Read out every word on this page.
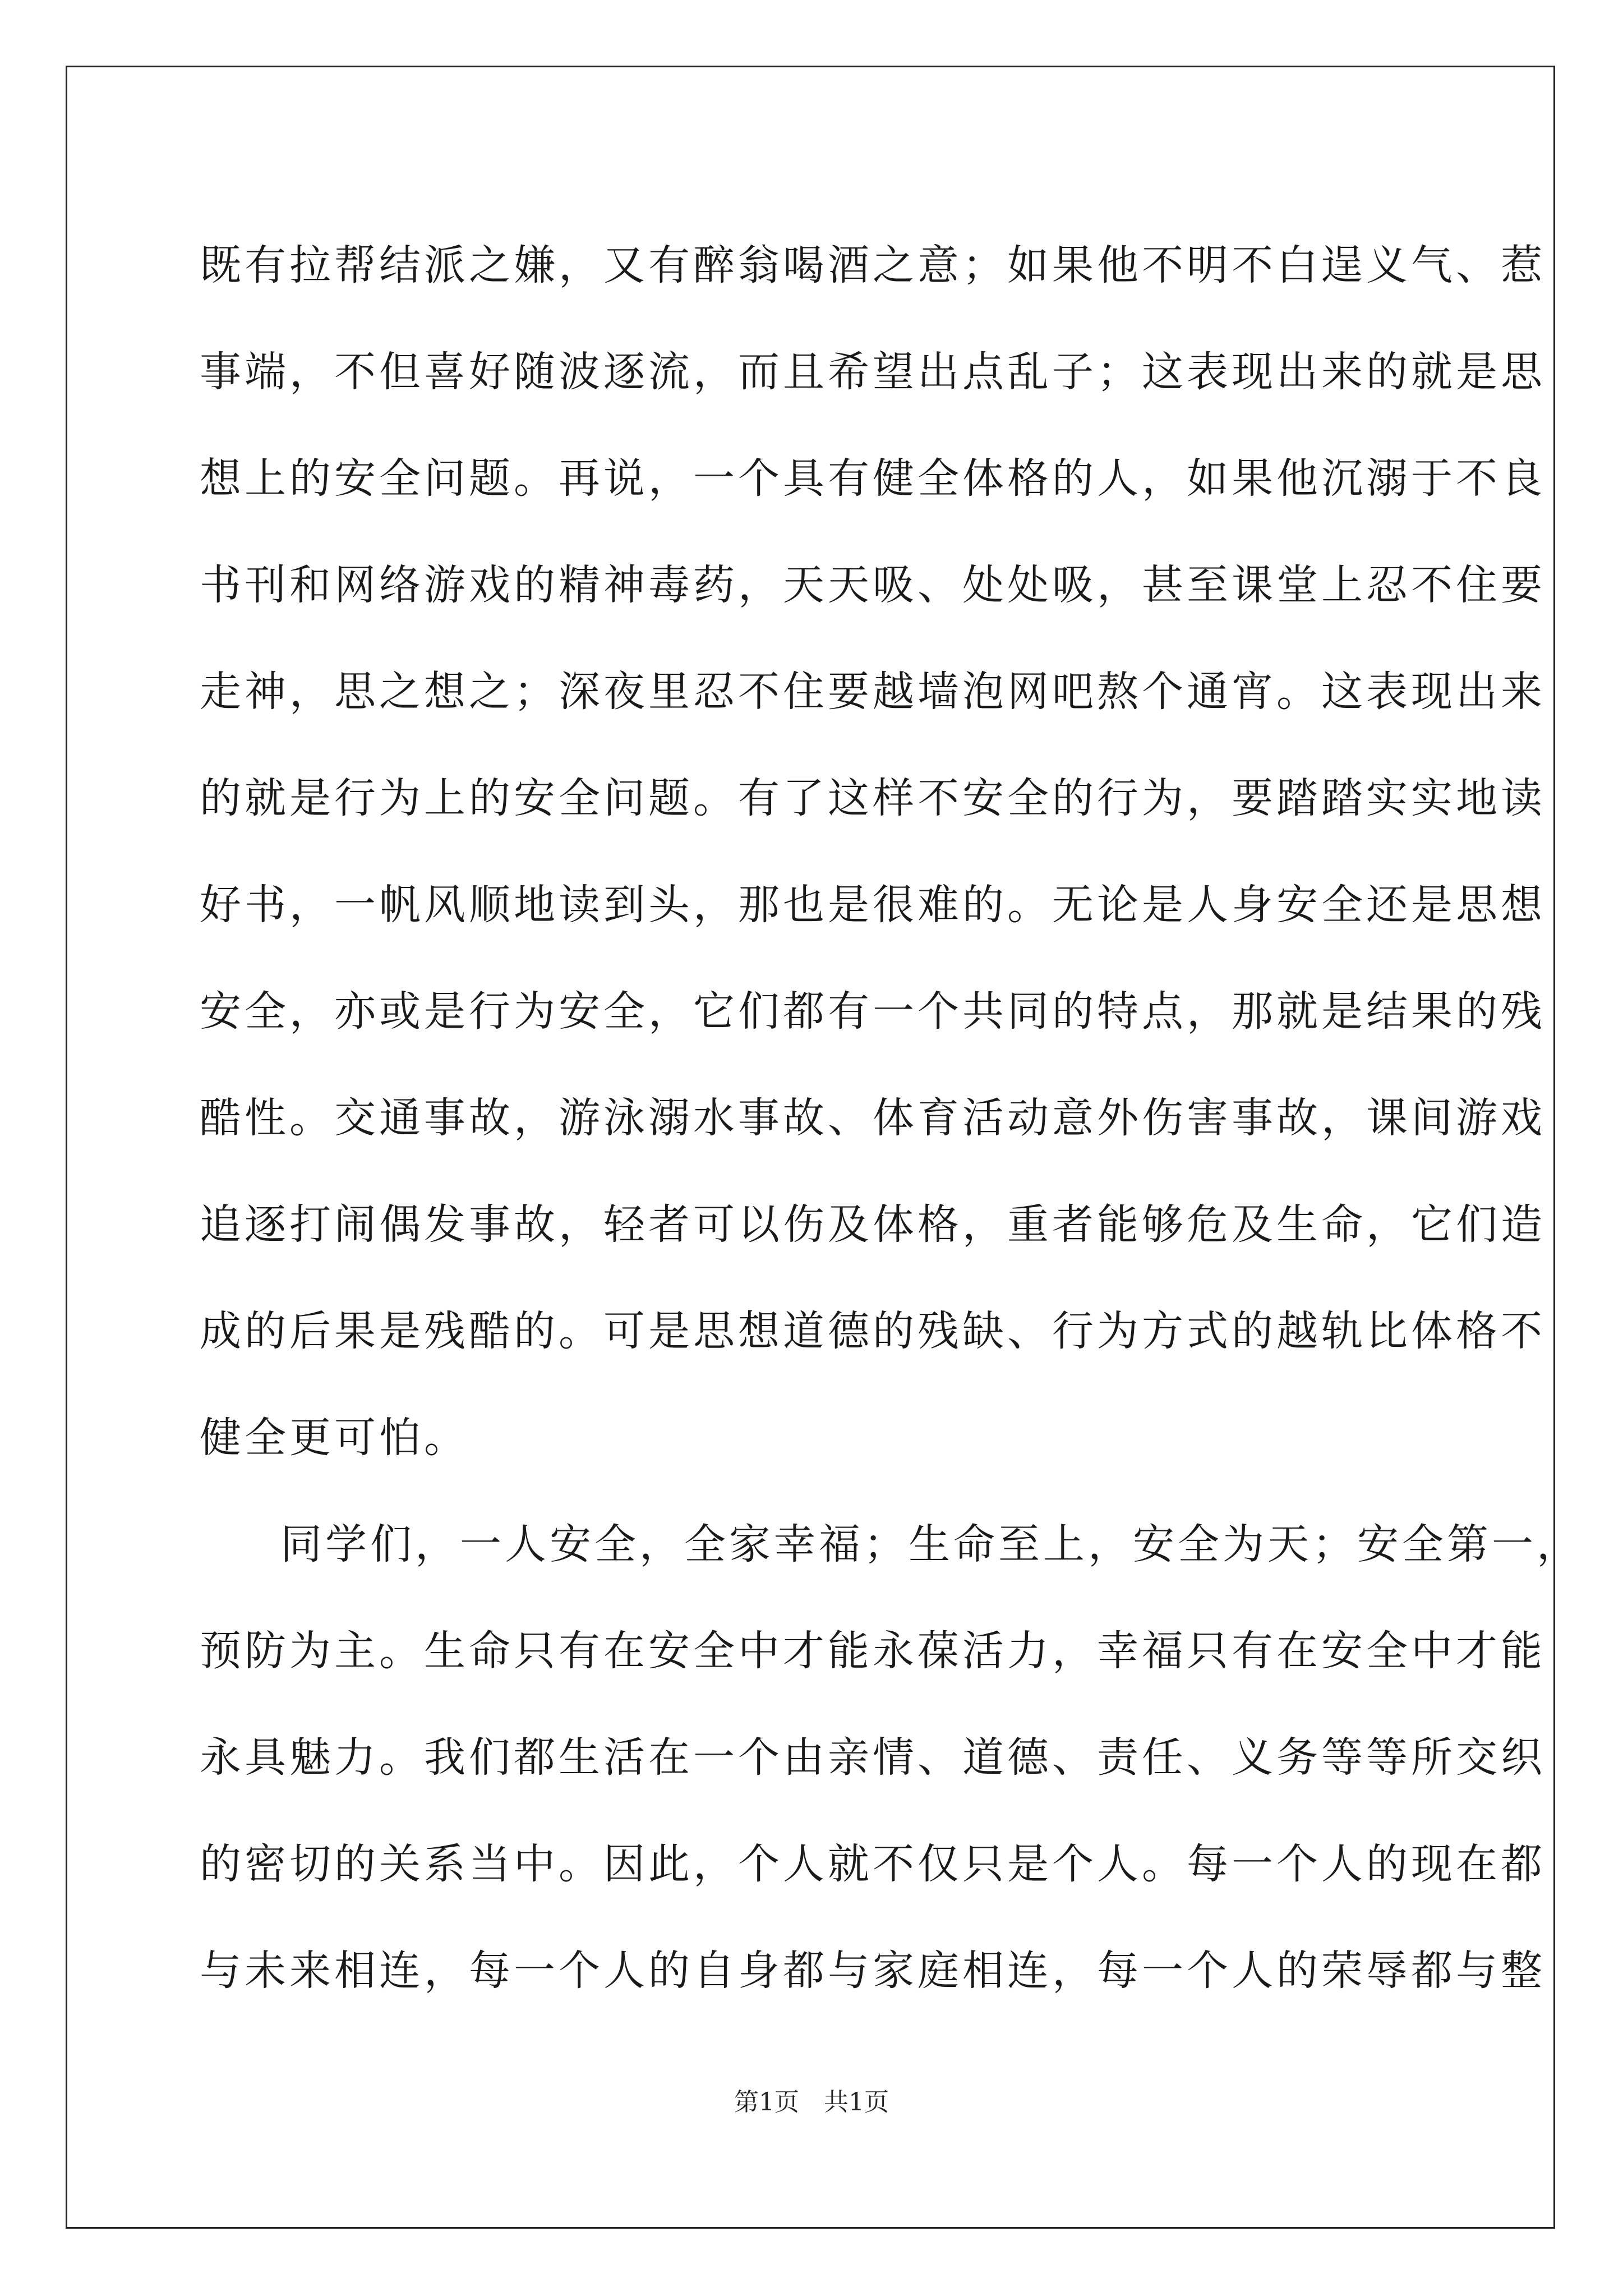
既有拉帮结派之嫌，又有醉翁喝酒之意；如果他不明不白逞义气、惹
事端，不但喜好随波逐流，而且希望出点乱子；这表现出来的就是思
想上的安全问题。再说，一个具有健全体格的人，如果他沉溺于不良
书刊和网络游戏的精神毒药，天天吸、处处吸，甚至课堂上忍不住要
走神，思之想之；深夜里忍不住要越墙泡网吧熬个通宵。这表现出来
的就是行为上的安全问题。有了这样不安全的行为，要踏踏实实地读
好书，一帆风顺地读到头，那也是很难的。无论是人身安全还是思想
安全，亦或是行为安全，它们都有一个共同的特点，那就是结果的残
酷性。交通事故，游泳溺水事故、体育活动意外伤害事故，课间游戏
追逐打闹偶发事故，轻者可以伤及体格，重者能够危及生命，它们造
成的后果是残酷的。可是思想道德的残缺、行为方式的越轨比体格不
健全更可怕。
同学们，一人安全，全家幸福；生命至上，安全为天；安全第一，
预防为主。生命只有在安全中才能永葆活力，幸福只有在安全中才能
永具魅力。我们都生活在一个由亲情、道德、责任、义务等等所交织
的密切的关系当中。因此，个人就不仅只是个人。每一个人的现在都
与未来相连，每一个人的自身都与家庭相连，每一个人的荣辱都与整
第1页　共1页
